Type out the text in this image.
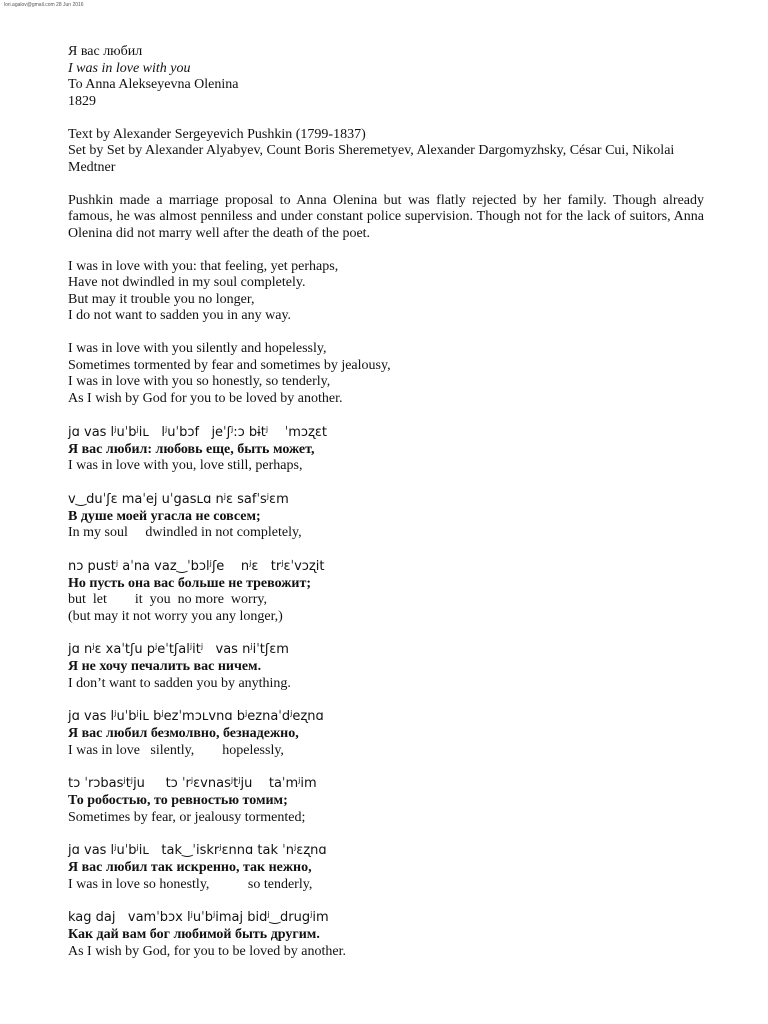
lori.agalov@gmail.com 28 Jun 2016
Я вас любил
I was in love with you
To Anna Alekseyevna Olenina
1829
Text by Alexander Sergeyevich Pushkin (1799-1837)
Set by Set by Alexander Alyabyev, Count Boris Sheremetyev, Alexander Dargomyzhsky, César Cui, Nikolai Medtner
Pushkin made a marriage proposal to Anna Olenina but was flatly rejected by her family. Though already famous, he was almost penniless and under constant police supervision. Though not for the lack of suitors, Anna Olenina did not marry well after the death of the poet.
I was in love with you: that feeling, yet perhaps,
Have not dwindled in my soul completely.
But may it trouble you no longer,
I do not want to sadden you in any way.
I was in love with you silently and hopelessly,
Sometimes tormented by fear and sometimes by jealousy,
I was in love with you so honestly, so tenderly,
As I wish by God for you to be loved by another.
jɑ vas lʲuˈbʲiʟ   lʲuˈbɔf   jeˈʃʲ:ɔ bɨtʲ    ˈmɔʐɛt
Я вас любил: любовь еще, быть может,
I was in love with you, love still, perhaps,
v‿duˈʃɛ maˈej uˈgasʟɑ nʲɛ safˈsʲɛm
В душе моей угасла не совсем;
In my soul     dwindled in not completely,
nɔ pustʲ aˈna vaz‿ˈbɔlʲʃe    nʲɛ   trʲɛˈvɔʐit
Но пусть она вас больше не тревожит;
but  let        it  you  no more  worry,
(but may it not worry you any longer,)
jɑ nʲɛ xaˈtʃu pʲeˈtʃalʲitʲ   vas nʲiˈtʃɛm
Я не хочу печалить вас ничем.
I don’t want to sadden you by anything.
jɑ vas lʲuˈbʲiʟ bʲezˈmɔʟvnɑ bʲeznaˈdʲeʐnɑ
Я вас любил безмолвно, безнадежно,
I was in love   silently,        hopelessly,
tɔ ˈrɔbasʲtʲju     tɔ ˈrʲɛvnasʲtʲju    taˈmʲim
То робостью, то ревностью томим;
Sometimes by fear, or jealousy tormented;
jɑ vas lʲuˈbʲiʟ   tak‿ˈiskrʲɛnnɑ tak ˈnʲɛʐnɑ
Я вас любил так искренно, так нежно,
I was in love so honestly,           so tenderly,
kag daj   vamˈbɔx lʲuˈbʲimaj bidʲ‿drugʲim
Как дай вам бог любимой быть другим.
As I wish by God, for you to be loved by another.
